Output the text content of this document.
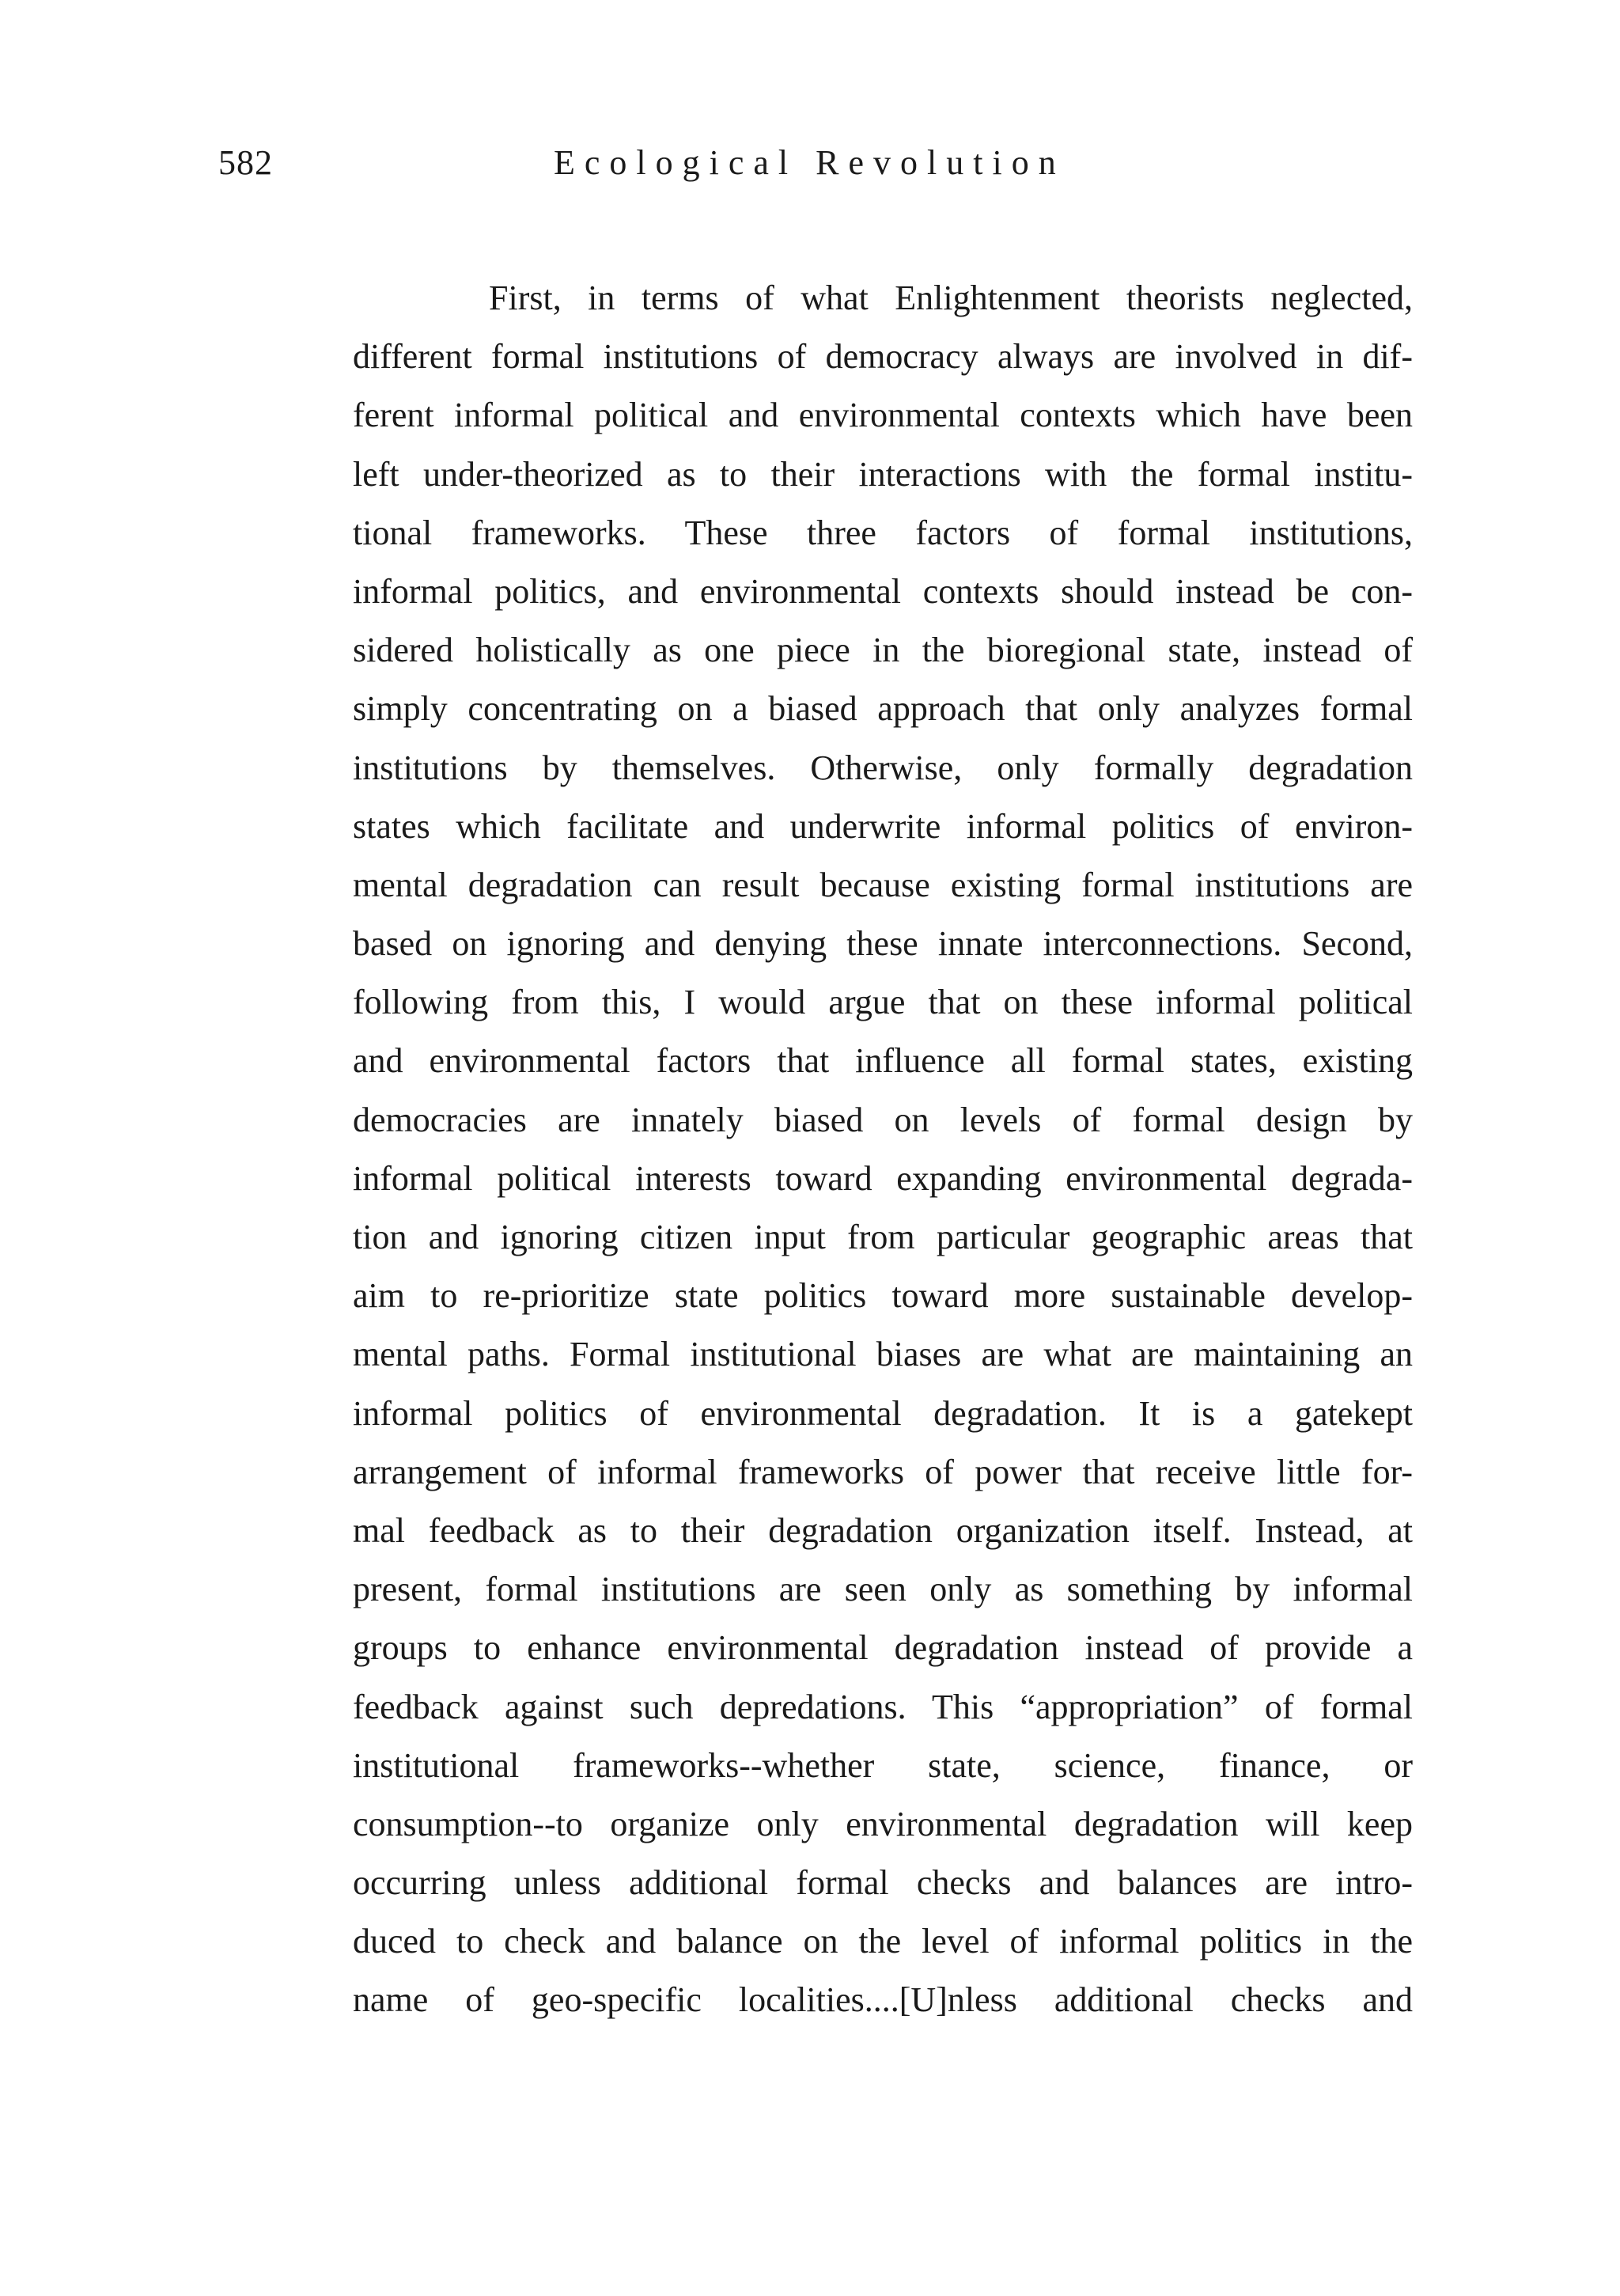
582	Ecological Revolution
First, in terms of what Enlightenment theorists neglected,
different formal institutions of democracy always are involved in dif-
ferent informal political and environmental contexts which have been
left under-theorized as to their interactions with the formal institu-
tional frameworks. These three factors of formal institutions,
informal politics, and environmental contexts should instead be con-
sidered holistically as one piece in the bioregional state, instead of
simply concentrating on a biased approach that only analyzes formal
institutions by themselves. Otherwise, only formally degradation
states which facilitate and underwrite informal politics of environ-
mental degradation can result because existing formal institutions are
based on ignoring and denying these innate interconnections. Second,
following from this, I would argue that on these informal political
and environmental factors that influence all formal states, existing
democracies are innately biased on levels of formal design by
informal political interests toward expanding environmental degrada-
tion and ignoring citizen input from particular geographic areas that
aim to re-prioritize state politics toward more sustainable develop-
mental paths. Formal institutional biases are what are maintaining an
informal politics of environmental degradation. It is a gatekept
arrangement of informal frameworks of power that receive little for-
mal feedback as to their degradation organization itself. Instead, at
present, formal institutions are seen only as something by informal
groups to enhance environmental degradation instead of provide a
feedback against such depredations. This “appropriation” of formal
institutional frameworks--whether state, science, finance, or
consumption--to organize only environmental degradation will keep
occurring unless additional formal checks and balances are intro-
duced to check and balance on the level of informal politics in the
name of geo-specific localities....[U]nless additional checks and
